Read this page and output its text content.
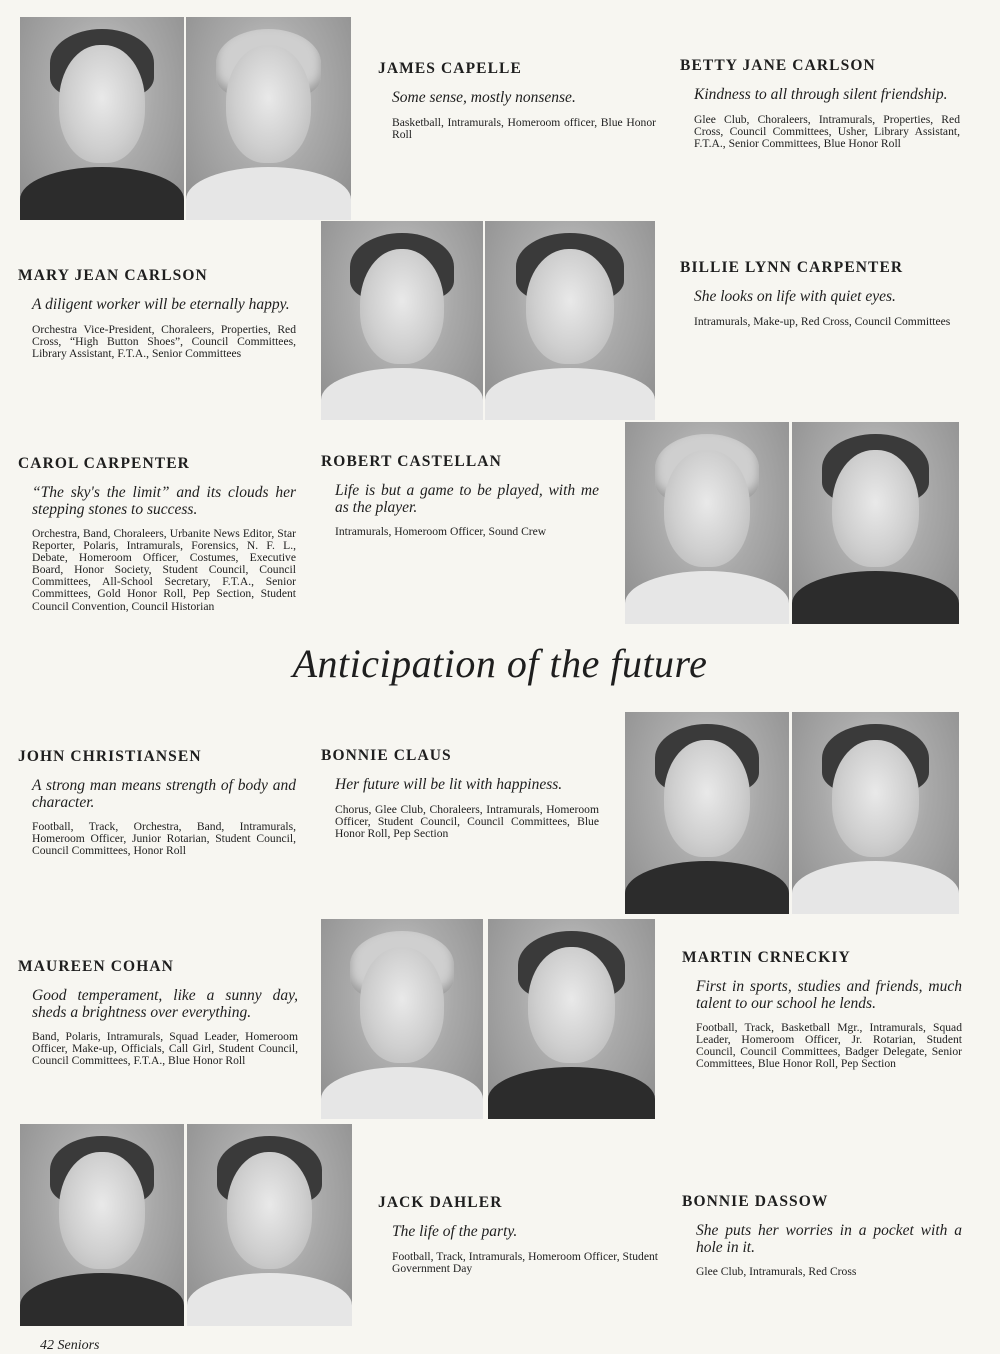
JAMES CAPELLE
Some sense, mostly nonsense.
Basketball, Intramurals, Homeroom officer, Blue Honor Roll
BETTY JANE CARLSON
Kindness to all through silent friendship.
Glee Club, Choraleers, Intramurals, Properties, Red Cross, Council Committees, Usher, Library Assistant, F.T.A., Senior Committees, Blue Honor Roll
MARY JEAN CARLSON
A diligent worker will be eternally happy.
Orchestra Vice-President, Choraleers, Properties, Red Cross, “High Button Shoes”, Council Committees, Library Assistant, F.T.A., Senior Committees
BILLIE LYNN CARPENTER
She looks on life with quiet eyes.
Intramurals, Make-up, Red Cross, Council Committees
CAROL CARPENTER
“The sky's the limit” and its clouds her stepping stones to success.
Orchestra, Band, Choraleers, Urbanite News Editor, Star Reporter, Polaris, Intramurals, Forensics, N. F. L., Debate, Homeroom Officer, Costumes, Executive Board, Honor Society, Student Council, Council Committees, All-School Secretary, F.T.A., Senior Committees, Gold Honor Roll, Pep Section, Student Council Convention, Council Historian
ROBERT CASTELLAN
Life is but a game to be played, with me as the player.
Intramurals, Homeroom Officer, Sound Crew
Anticipation of the future
JOHN CHRISTIANSEN
A strong man means strength of body and character.
Football, Track, Orchestra, Band, Intramurals, Homeroom Officer, Junior Rotarian, Student Council, Council Committees, Honor Roll
BONNIE CLAUS
Her future will be lit with happiness.
Chorus, Glee Club, Choraleers, Intramurals, Homeroom Officer, Student Council, Council Committees, Blue Honor Roll, Pep Section
MAUREEN COHAN
Good temperament, like a sunny day, sheds a brightness over everything.
Band, Polaris, Intramurals, Squad Leader, Homeroom Officer, Make-up, Officials, Call Girl, Student Council, Council Committees, F.T.A., Blue Honor Roll
MARTIN CRNECKIY
First in sports, studies and friends, much talent to our school he lends.
Football, Track, Basketball Mgr., Intramurals, Squad Leader, Homeroom Officer, Jr. Rotarian, Student Council, Council Committees, Badger Delegate, Senior Committees, Blue Honor Roll, Pep Section
JACK DAHLER
The life of the party.
Football, Track, Intramurals, Homeroom Officer, Student Government Day
BONNIE DASSOW
She puts her worries in a pocket with a hole in it.
Glee Club, Intramurals, Red Cross
42 Seniors
